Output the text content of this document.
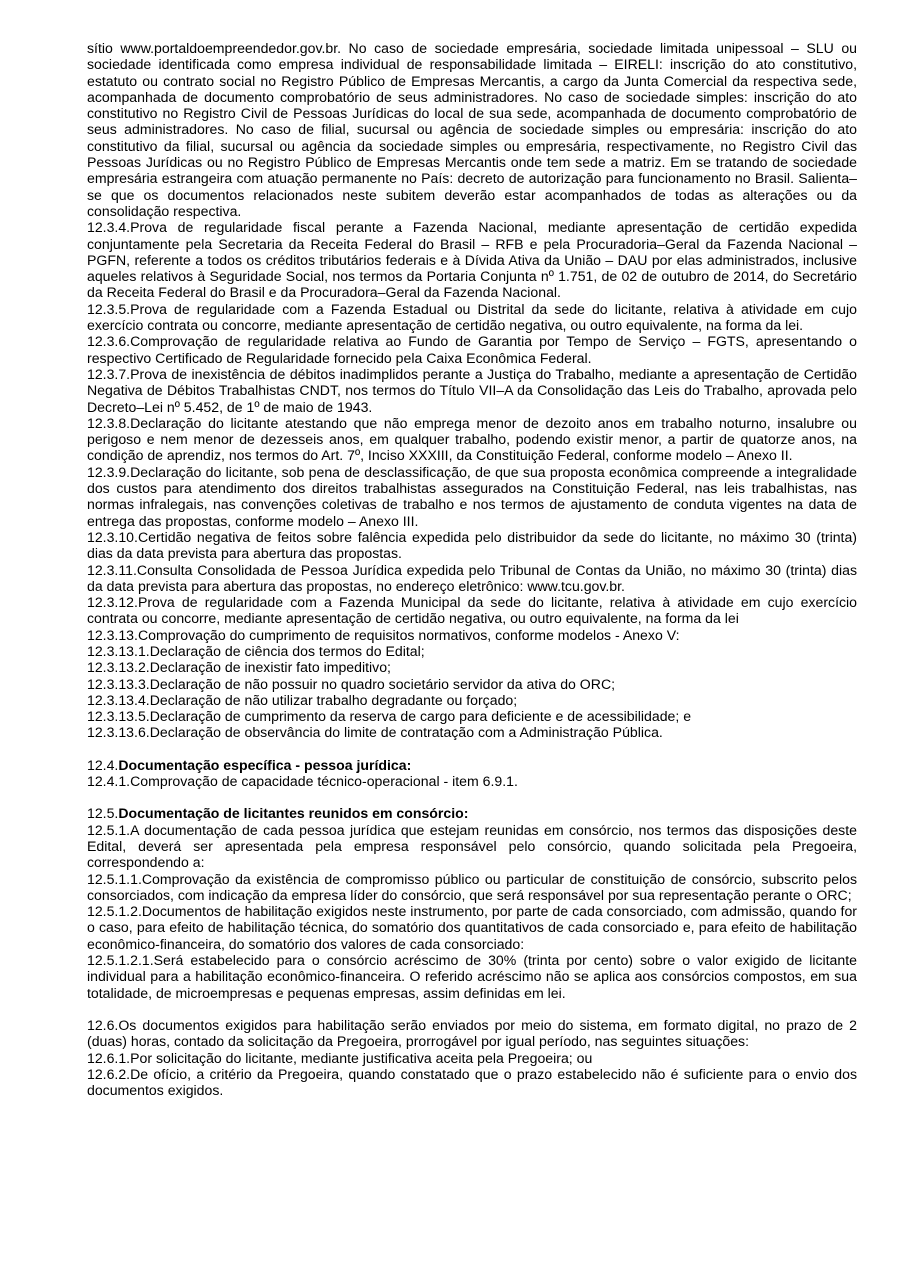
sítio www.portaldoempreendedor.gov.br. No caso de sociedade empresária, sociedade limitada unipessoal – SLU ou sociedade identificada como empresa individual de responsabilidade limitada – EIRELI: inscrição do ato constitutivo, estatuto ou contrato social no Registro Público de Empresas Mercantis, a cargo da Junta Comercial da respectiva sede, acompanhada de documento comprobatório de seus administradores. No caso de sociedade simples: inscrição do ato constitutivo no Registro Civil de Pessoas Jurídicas do local de sua sede, acompanhada de documento comprobatório de seus administradores. No caso de filial, sucursal ou agência de sociedade simples ou empresária: inscrição do ato constitutivo da filial, sucursal ou agência da sociedade simples ou empresária, respectivamente, no Registro Civil das Pessoas Jurídicas ou no Registro Público de Empresas Mercantis onde tem sede a matriz. Em se tratando de sociedade empresária estrangeira com atuação permanente no País: decreto de autorização para funcionamento no Brasil. Salienta–se que os documentos relacionados neste subitem deverão estar acompanhados de todas as alterações ou da consolidação respectiva.

12.3.4.Prova de regularidade fiscal perante a Fazenda Nacional, mediante apresentação de certidão expedida conjuntamente pela Secretaria da Receita Federal do Brasil – RFB e pela Procuradoria–Geral da Fazenda Nacional – PGFN, referente a todos os créditos tributários federais e à Dívida Ativa da União – DAU por elas administrados, inclusive aqueles relativos à Seguridade Social, nos termos da Portaria Conjunta nº 1.751, de 02 de outubro de 2014, do Secretário da Receita Federal do Brasil e da Procuradora–Geral da Fazenda Nacional.

12.3.5.Prova de regularidade com a Fazenda Estadual ou Distrital da sede do licitante, relativa à atividade em cujo exercício contrata ou concorre, mediante apresentação de certidão negativa, ou outro equivalente, na forma da lei.

12.3.6.Comprovação de regularidade relativa ao Fundo de Garantia por Tempo de Serviço – FGTS, apresentando o respectivo Certificado de Regularidade fornecido pela Caixa Econômica Federal.

12.3.7.Prova de inexistência de débitos inadimplidos perante a Justiça do Trabalho, mediante a apresentação de Certidão Negativa de Débitos Trabalhistas CNDT, nos termos do Título VII–A da Consolidação das Leis do Trabalho, aprovada pelo Decreto–Lei nº 5.452, de 1º de maio de 1943.

12.3.8.Declaração do licitante atestando que não emprega menor de dezoito anos em trabalho noturno, insalubre ou perigoso e nem menor de dezesseis anos, em qualquer trabalho, podendo existir menor, a partir de quatorze anos, na condição de aprendiz, nos termos do Art. 7º, Inciso XXXIII, da Constituição Federal, conforme modelo – Anexo II.

12.3.9.Declaração do licitante, sob pena de desclassificação, de que sua proposta econômica compreende a integralidade dos custos para atendimento dos direitos trabalhistas assegurados na Constituição Federal, nas leis trabalhistas, nas normas infralegais, nas convenções coletivas de trabalho e nos termos de ajustamento de conduta vigentes na data de entrega das propostas, conforme modelo – Anexo III.

12.3.10.Certidão negativa de feitos sobre falência expedida pelo distribuidor da sede do licitante, no máximo 30 (trinta) dias da data prevista para abertura das propostas.

12.3.11.Consulta Consolidada de Pessoa Jurídica expedida pelo Tribunal de Contas da União, no máximo 30 (trinta) dias da data prevista para abertura das propostas, no endereço eletrônico: www.tcu.gov.br.

12.3.12.Prova de regularidade com a Fazenda Municipal da sede do licitante, relativa à atividade em cujo exercício contrata ou concorre, mediante apresentação de certidão negativa, ou outro equivalente, na forma da lei

12.3.13.Comprovação do cumprimento de requisitos normativos, conforme modelos - Anexo V:

12.3.13.1.Declaração de ciência dos termos do Edital;

12.3.13.2.Declaração de inexistir fato impeditivo;

12.3.13.3.Declaração de não possuir no quadro societário servidor da ativa do ORC;

12.3.13.4.Declaração de não utilizar trabalho degradante ou forçado;

12.3.13.5.Declaração de cumprimento da reserva de cargo para deficiente e de acessibilidade; e

12.3.13.6.Declaração de observância do limite de contratação com a Administração Pública.

12.4.Documentação específica - pessoa jurídica:

12.4.1.Comprovação de capacidade técnico-operacional - item 6.9.1.

12.5.Documentação de licitantes reunidos em consórcio:

12.5.1.A documentação de cada pessoa jurídica que estejam reunidas em consórcio, nos termos das disposições deste Edital, deverá ser apresentada pela empresa responsável pelo consórcio, quando solicitada pela Pregoeira, correspondendo a:

12.5.1.1.Comprovação da existência de compromisso público ou particular de constituição de consórcio, subscrito pelos consorciados, com indicação da empresa líder do consórcio, que será responsável por sua representação perante o ORC;

12.5.1.2.Documentos de habilitação exigidos neste instrumento, por parte de cada consorciado, com admissão, quando for o caso, para efeito de habilitação técnica, do somatório dos quantitativos de cada consorciado e, para efeito de habilitação econômico-financeira, do somatório dos valores de cada consorciado:

12.5.1.2.1.Será estabelecido para o consórcio acréscimo de 30% (trinta por cento) sobre o valor exigido de licitante individual para a habilitação econômico-financeira. O referido acréscimo não se aplica aos consórcios compostos, em sua totalidade, de microempresas e pequenas empresas, assim definidas em lei.

12.6.Os documentos exigidos para habilitação serão enviados por meio do sistema, em formato digital, no prazo de 2 (duas) horas, contado da solicitação da Pregoeira, prorrogável por igual período, nas seguintes situações:

12.6.1.Por solicitação do licitante, mediante justificativa aceita pela Pregoeira; ou

12.6.2.De ofício, a critério da Pregoeira, quando constatado que o prazo estabelecido não é suficiente para o envio dos documentos exigidos.
